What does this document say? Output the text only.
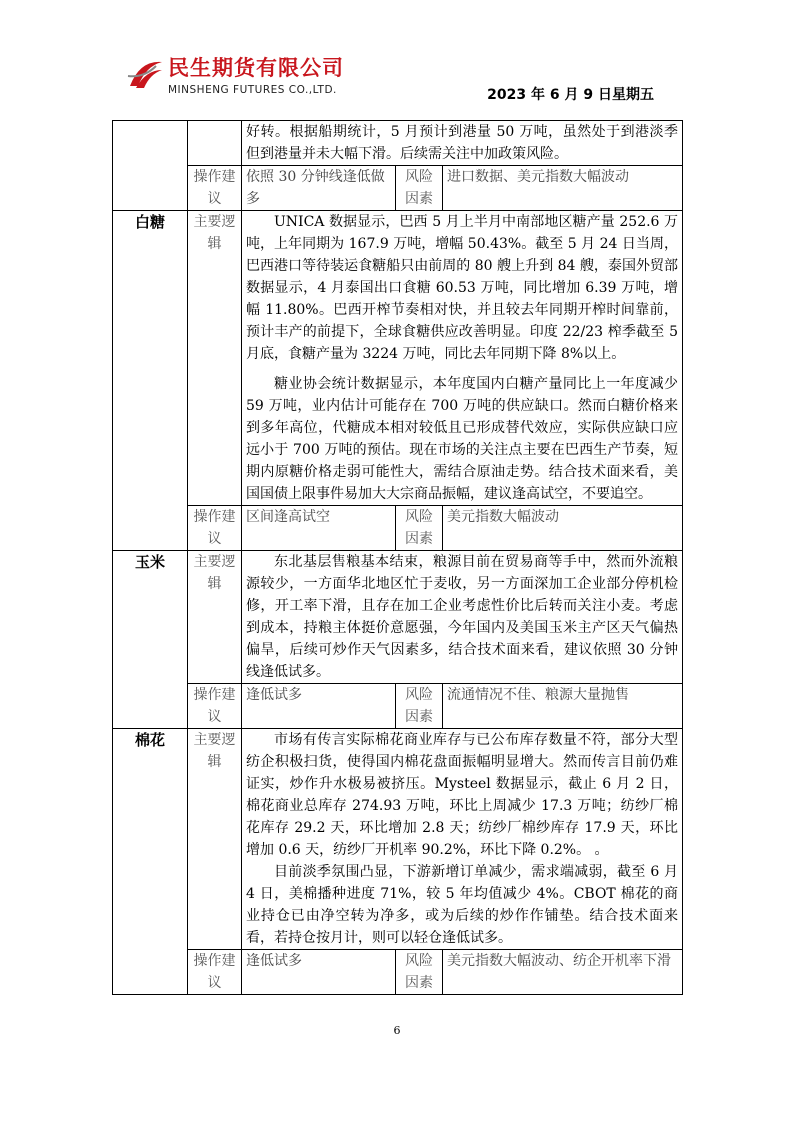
民生期货有限公司
MINSHENG FUTURES CO.,LTD.	2023 年 6 月 9 日星期五

		好转。根据船期统计，5 月预计到港量 50 万吨，虽然处于到港淡季但到港量并未大幅下滑。后续需关注中加政策风险。		

	操作建议	依照 30 分钟线逢低做多	风险因素	进口数据、美元指数大幅波动
白糖	主要逻辑	UNICA 数据显示，巴西 5 月上半月中南部地区糖产量 252.6 万吨，上年同期为 167.9 万吨，增幅 50.43%。截至 5 月 24 日当周，巴西港口等待装运食糖船只由前周的 80 艘上升到 84 艘，泰国外贸部数据显示，4 月泰国出口食糖 60.53 万吨，同比增加 6.39 万吨，增幅 11.80%。巴西开榨节奏相对快，并且较去年同期开榨时间靠前，预计丰产的前提下，全球食糖供应改善明显。印度 22/23 榨季截至 5 月底，食糖产量为 3224 万吨，同比去年同期下降 8%以上。

糖业协会统计数据显示，本年度国内白糖产量同比上一年度减少 59 万吨，业内估计可能存在 700 万吨的供应缺口。然而白糖价格来到多年高位，代糖成本相对较低且已形成替代效应，实际供应缺口应远小于 700 万吨的预估。现在市场的关注点主要在巴西生产节奏，短期内原糖价格走弱可能性大，需结合原油走势。结合技术面来看，美国国债上限事件易加大大宗商品振幅，建议逢高试空，不要追空。		

	操作建议	区间逢高试空	风险因素	美元指数大幅波动
玉米	主要逻辑	东北基层售粮基本结束，粮源目前在贸易商等手中，然而外流粮源较少，一方面华北地区忙于麦收，另一方面深加工企业部分停机检修，开工率下滑，且存在加工企业考虑性价比后转而关注小麦。考虑到成本，持粮主体挺价意愿强，今年国内及美国玉米主产区天气偏热偏旱，后续可炒作天气因素多，结合技术面来看，建议依照 30 分钟线逢低试多。		

	操作建议	逢低试多	风险因素	流通情况不佳、粮源大量抛售
棉花	主要逻辑	市场有传言实际棉花商业库存与已公布库存数量不符，部分大型纺企积极扫货，使得国内棉花盘面振幅明显增大。然而传言目前仍难证实，炒作升水极易被挤压。Mysteel 数据显示，截止 6 月 2 日，棉花商业总库存 274.93 万吨，环比上周减少 17.3 万吨；纺纱厂棉花库存 29.2 天，环比增加 2.8 天；纺纱厂棉纱库存 17.9 天，环比增加 0.6 天，纺纱厂开机率 90.2%，环比下降 0.2%。 。

目前淡季氛围凸显，下游新增订单减少，需求端减弱，截至 6 月 4 日，美棉播种进度 71%，较 5 年均值减少 4%。CBOT 棉花的商业持仓已由净空转为净多，或为后续的炒作作铺垫。结合技术面来看，若持仓按月计，则可以轻仓逢低试多。		

	操作建议	逢低试多	风险因素	美元指数大幅波动、纺企开机率下滑
6
